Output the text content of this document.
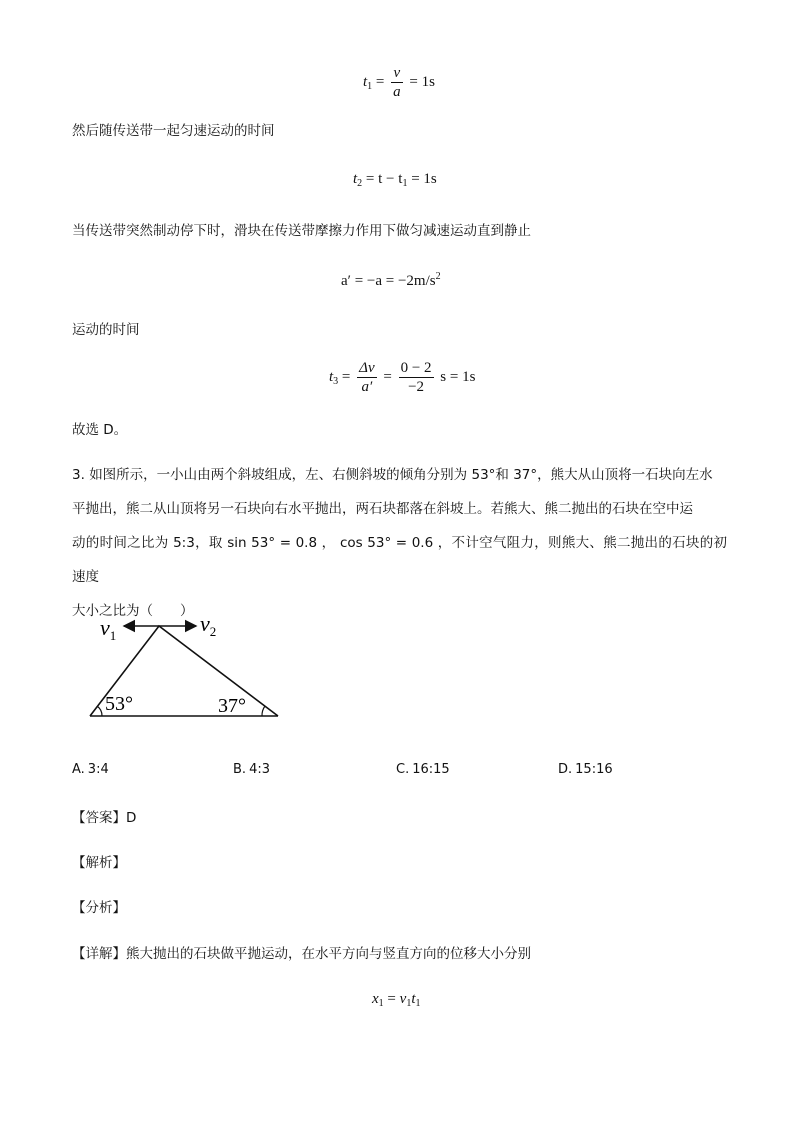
$t_1 = \frac{v}{a} = 1s$
然后随传送带一起匀速运动的时间
$t_2 = t - t_1 = 1s$
当传送带突然制动停下时，滑块在传送带摩擦力作用下做匀减速运动直到静止
$a' = -a = -2m/s^2$
运动的时间
$t_3 = \frac{\Delta v}{a'} = \frac{0 - 2}{-2}$ s = 1s
故选 D。
3. 如图所示，一小山由两个斜坡组成，左、右侧斜坡的倾角分别为 53°和 37°，熊大从山顶将一石块向左水
平抛出，熊二从山顶将另一石块向右水平抛出，两石块都落在斜坡上。若熊大、熊二抛出的石块在空中运
动的时间之比为 5:3，取 sin 53° = 0.8 ， cos 53° = 0.6 ，不计空气阻力，则熊大、熊二抛出的石块的初速度
大小之比为（　　）
$v_1$	$v_2$
53°	37°
A. 3:4	B. 4:3	C. 16:15	D. 15:16
【答案】D
【解析】
【分析】
【详解】熊大抛出的石块做平抛运动，在水平方向与竖直方向的位移大小分别
$x_1 = v_1t_1$
